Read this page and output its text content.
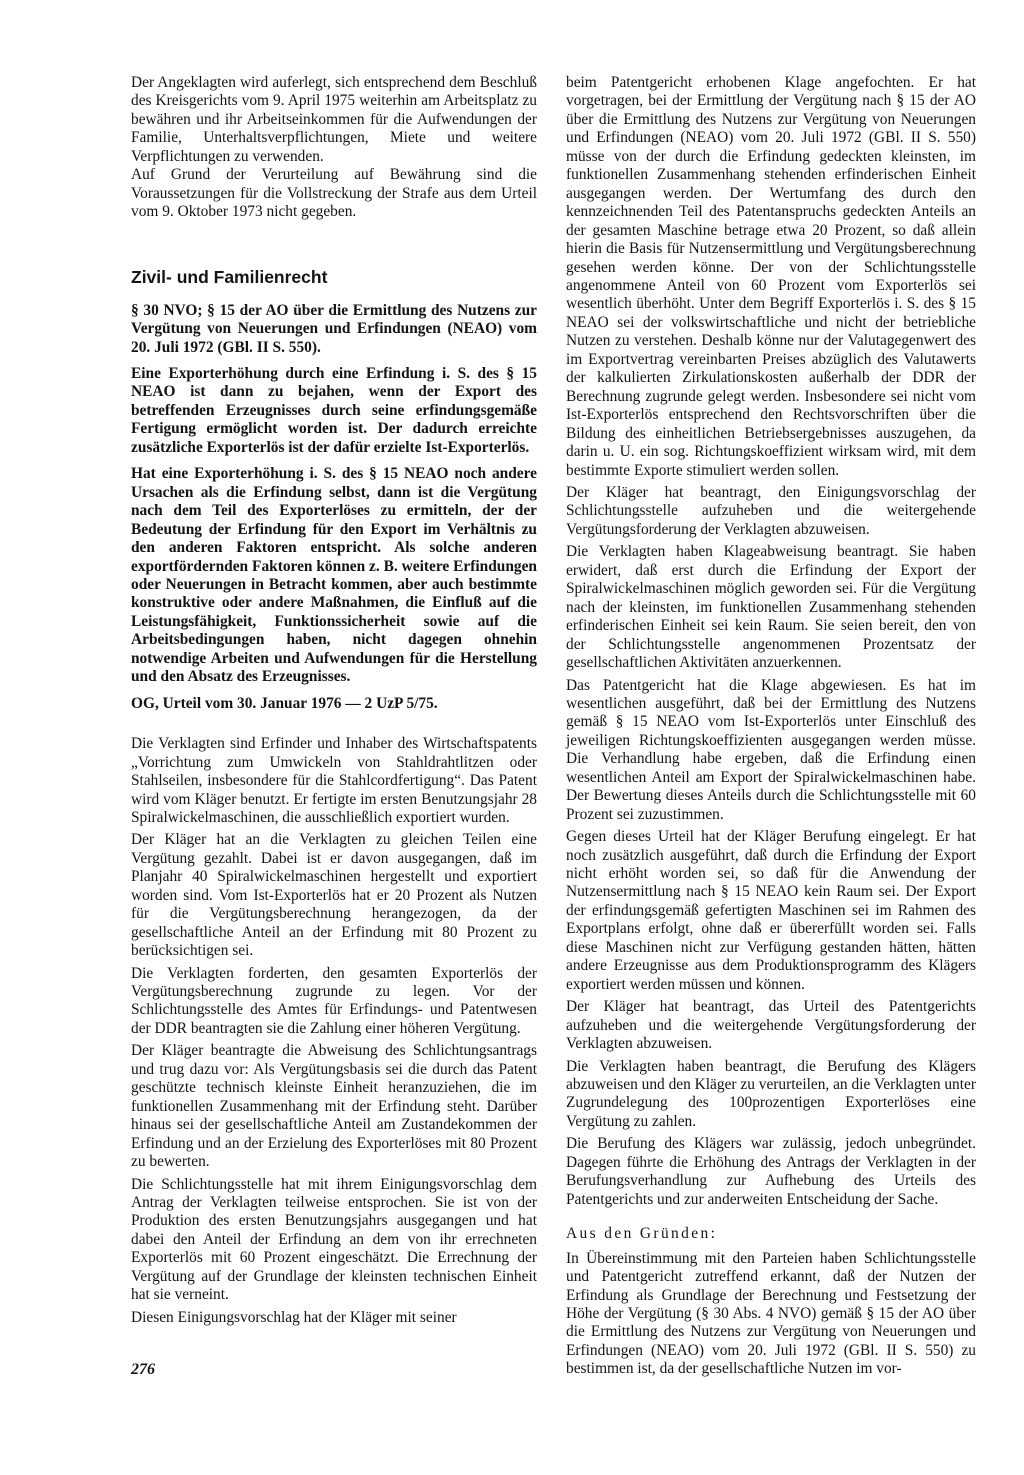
Der Angeklagten wird auferlegt, sich entsprechend dem Beschluß des Kreisgerichts vom 9. April 1975 weiterhin am Arbeitsplatz zu bewähren und ihr Arbeitseinkommen für die Aufwendungen der Familie, Unterhaltsverpflichtungen, Miete und weitere Verpflichtungen zu verwenden.

Auf Grund der Verurteilung auf Bewährung sind die Voraussetzungen für die Vollstreckung der Strafe aus dem Urteil vom 9. Oktober 1973 nicht gegeben.

Zivil- und Familienrecht

§ 30 NVO; § 15 der AO über die Ermittlung des Nutzens zur Vergütung von Neuerungen und Erfindungen (NEAO) vom 20. Juli 1972 (GBl. II S. 550).

Eine Exporterhöhung durch eine Erfindung i. S. des § 15 NEAO ist dann zu bejahen, wenn der Export des betreffenden Erzeugnisses durch seine erfindungsgemäße Fertigung ermöglicht worden ist. Der dadurch erreichte zusätzliche Exporterlös ist der dafür erzielte Ist-Exporterlös.

Hat eine Exporterhöhung i. S. des § 15 NEAO noch andere Ursachen als die Erfindung selbst, dann ist die Vergütung nach dem Teil des Exporterlöses zu ermitteln, der der Bedeutung der Erfindung für den Export im Verhältnis zu den anderen Faktoren entspricht. Als solche anderen exportfördernden Faktoren können z. B. weitere Erfindungen oder Neuerungen in Betracht kommen, aber auch bestimmte konstruktive oder andere Maßnahmen, die Einfluß auf die Leistungsfähigkeit, Funktionssicherheit sowie auf die Arbeitsbedingungen haben, nicht dagegen ohnehin notwendige Arbeiten und Aufwendungen für die Herstellung und den Absatz des Erzeugnisses.

OG, Urteil vom 30. Januar 1976 — 2 UzP 5/75.

Die Verklagten sind Erfinder und Inhaber des Wirtschaftspatents „Vorrichtung zum Umwickeln von Stahldrahtlitzen oder Stahlseilen, insbesondere für die Stahlcordfertigung“. Das Patent wird vom Kläger benutzt. Er fertigte im ersten Benutzungsjahr 28 Spiralwickelmaschinen, die ausschließlich exportiert wurden.

Der Kläger hat an die Verklagten zu gleichen Teilen eine Vergütung gezahlt. Dabei ist er davon ausgegangen, daß im Planjahr 40 Spiralwickelmaschinen hergestellt und exportiert worden sind. Vom Ist-Exporterlös hat er 20 Prozent als Nutzen für die Vergütungsberechnung herangezogen, da der gesellschaftliche Anteil an der Erfindung mit 80 Prozent zu berücksichtigen sei.

Die Verklagten forderten, den gesamten Exporterlös der Vergütungsberechnung zugrunde zu legen. Vor der Schlichtungsstelle des Amtes für Erfindungs- und Patentwesen der DDR beantragten sie die Zahlung einer höheren Vergütung.

Der Kläger beantragte die Abweisung des Schlichtungsantrags und trug dazu vor: Als Vergütungsbasis sei die durch das Patent geschützte technisch kleinste Einheit heranzuziehen, die im funktionellen Zusammenhang mit der Erfindung steht. Darüber hinaus sei der gesellschaftliche Anteil am Zustandekommen der Erfindung und an der Erzielung des Exporterlöses mit 80 Prozent zu bewerten.

Die Schlichtungsstelle hat mit ihrem Einigungsvorschlag dem Antrag der Verklagten teilweise entsprochen. Sie ist von der Produktion des ersten Benutzungsjahrs ausgegangen und hat dabei den Anteil der Erfindung an dem von ihr errechneten Exporterlös mit 60 Prozent eingeschätzt. Die Errechnung der Vergütung auf der Grundlage der kleinsten technischen Einheit hat sie verneint.

Diesen Einigungsvorschlag hat der Kläger mit seiner

beim Patentgericht erhobenen Klage angefochten. Er hat vorgetragen, bei der Ermittlung der Vergütung nach § 15 der AO über die Ermittlung des Nutzens zur Vergütung von Neuerungen und Erfindungen (NEAO) vom 20. Juli 1972 (GBl. II S. 550) müsse von der durch die Erfindung gedeckten kleinsten, im funktionellen Zusammenhang stehenden erfinderischen Einheit ausgegangen werden. Der Wertumfang des durch den kennzeichnenden Teil des Patentanspruchs gedeckten Anteils an der gesamten Maschine betrage etwa 20 Prozent, so daß allein hierin die Basis für Nutzensermittlung und Vergütungsberechnung gesehen werden könne. Der von der Schlichtungsstelle angenommene Anteil von 60 Prozent vom Exporterlös sei wesentlich überhöht. Unter dem Begriff Exporterlös i. S. des § 15 NEAO sei der volkswirtschaftliche und nicht der betriebliche Nutzen zu verstehen. Deshalb könne nur der Valutagegenwert des im Exportvertrag vereinbarten Preises abzüglich des Valutawerts der kalkulierten Zirkulationskosten außerhalb der DDR der Berechnung zugrunde gelegt werden. Insbesondere sei nicht vom Ist-Exporterlös entsprechend den Rechtsvorschriften über die Bildung des einheitlichen Betriebsergebnisses auszugehen, da darin u. U. ein sog. Richtungskoeffizient wirksam wird, mit dem bestimmte Exporte stimuliert werden sollen.

Der Kläger hat beantragt, den Einigungsvorschlag der Schlichtungsstelle aufzuheben und die weitergehende Vergütungsforderung der Verklagten abzuweisen.

Die Verklagten haben Klageabweisung beantragt. Sie haben erwidert, daß erst durch die Erfindung der Export der Spiralwickelmaschinen möglich geworden sei. Für die Vergütung nach der kleinsten, im funktionellen Zusammenhang stehenden erfinderischen Einheit sei kein Raum. Sie seien bereit, den von der Schlichtungsstelle angenommenen Prozentsatz der gesellschaftlichen Aktivitäten anzuerkennen.

Das Patentgericht hat die Klage abgewiesen. Es hat im wesentlichen ausgeführt, daß bei der Ermittlung des Nutzens gemäß § 15 NEAO vom Ist-Exporterlös unter Einschluß des jeweiligen Richtungskoeffizienten ausgegangen werden müsse. Die Verhandlung habe ergeben, daß die Erfindung einen wesentlichen Anteil am Export der Spiralwickelmaschinen habe. Der Bewertung dieses Anteils durch die Schlichtungsstelle mit 60 Prozent sei zuzustimmen.

Gegen dieses Urteil hat der Kläger Berufung eingelegt. Er hat noch zusätzlich ausgeführt, daß durch die Erfindung der Export nicht erhöht worden sei, so daß für die Anwendung der Nutzensermittlung nach § 15 NEAO kein Raum sei. Der Export der erfindungsgemäß gefertigten Maschinen sei im Rahmen des Exportplans erfolgt, ohne daß er übererfüllt worden sei. Falls diese Maschinen nicht zur Verfügung gestanden hätten, hätten andere Erzeugnisse aus dem Produktionsprogramm des Klägers exportiert werden müssen und können.

Der Kläger hat beantragt, das Urteil des Patentgerichts aufzuheben und die weitergehende Vergütungsforderung der Verklagten abzuweisen.

Die Verklagten haben beantragt, die Berufung des Klägers abzuweisen und den Kläger zu verurteilen, an die Verklagten unter Zugrundelegung des 100prozentigen Exporterlöses eine Vergütung zu zahlen.

Die Berufung des Klägers war zulässig, jedoch unbegründet. Dagegen führte die Erhöhung des Antrags der Verklagten in der Berufungsverhandlung zur Aufhebung des Urteils des Patentgerichts und zur anderweiten Entscheidung der Sache.

Aus den Gründen:

In Übereinstimmung mit den Parteien haben Schlichtungsstelle und Patentgericht zutreffend erkannt, daß der Nutzen der Erfindung als Grundlage der Berechnung und Festsetzung der Höhe der Vergütung (§ 30 Abs. 4 NVO) gemäß § 15 der AO über die Ermittlung des Nutzens zur Vergütung von Neuerungen und Erfindungen (NEAO) vom 20. Juli 1972 (GBl. II S. 550) zu bestimmen ist, da der gesellschaftliche Nutzen im vor-

276
